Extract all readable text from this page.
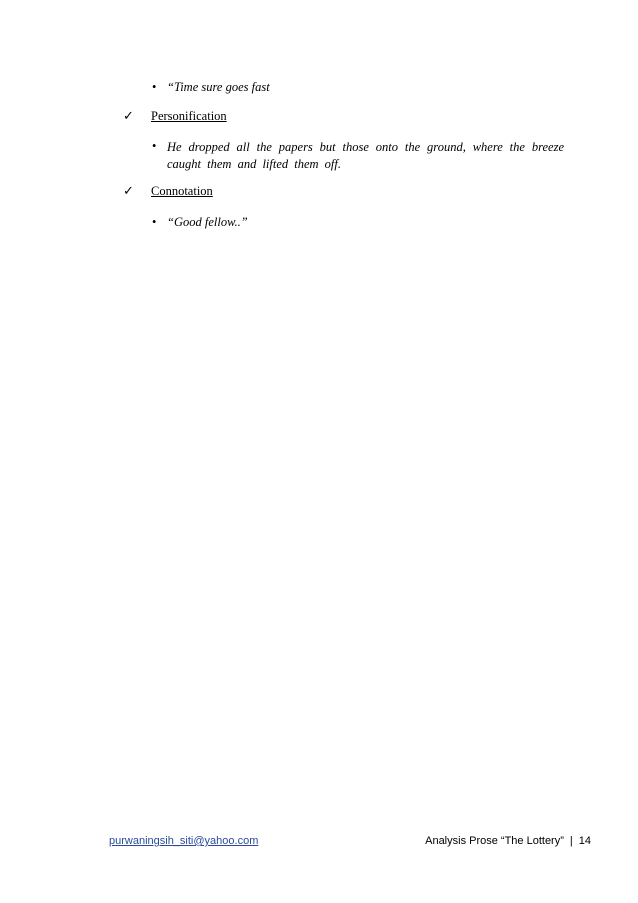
• “Time sure goes fast
✓	Personification
• He dropped all the papers but those onto the ground, where the breeze caught them and lifted them off.
✓	Connotation
• “Good fellow..”
purwaningsih_siti@yahoo.com	Analysis Prose “The Lottery” | 14
